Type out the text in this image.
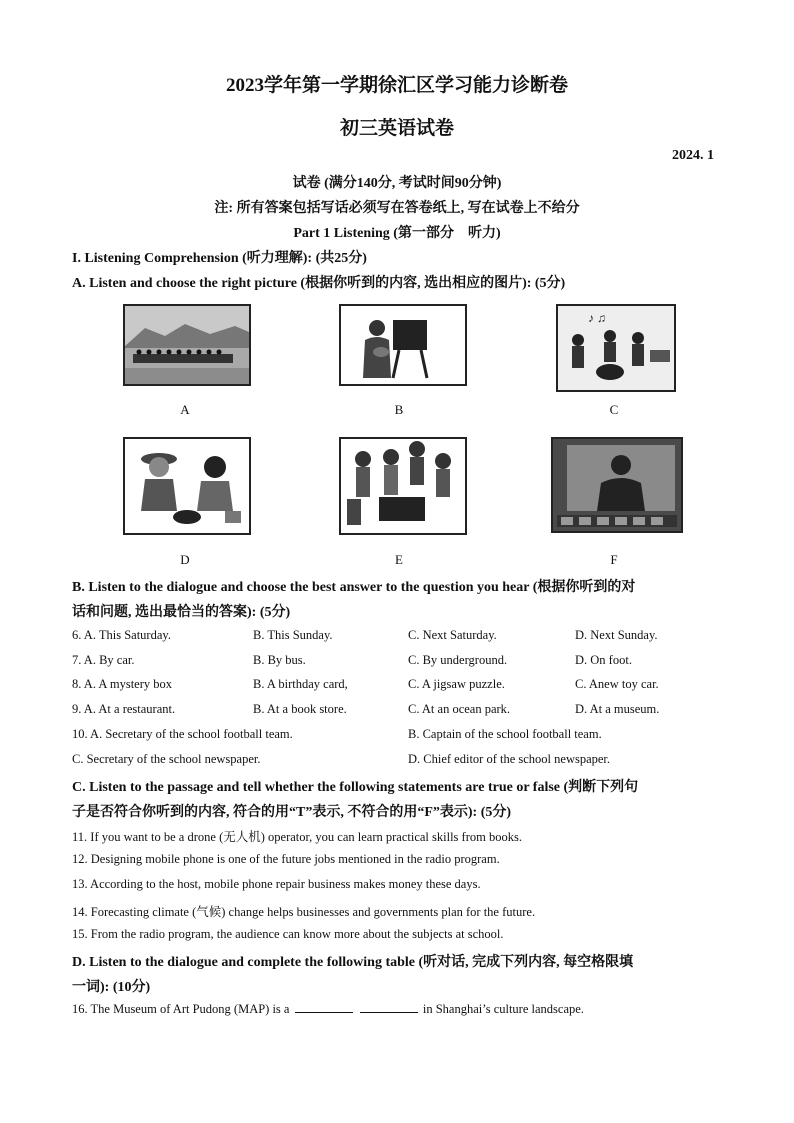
2023学年第一学期徐汇区学习能力诊断卷
初三英语试卷
2024. 1
试卷 (满分140分, 考试时间90分钟)
注: 所有答案包括写话必须写在答卷纸上, 写在试卷上不给分
Part 1 Listening (第一部分　听力)
I. Listening Comprehension (听力理解): (共25分)
A. Listen and choose the right picture (根据你听到的内容, 选出相应的图片): (5分)
♪ ♫
A	B	C
D	E	F
B. Listen to the dialogue and choose the best answer to the question you hear (根据你听到的对
话和问题, 选出最恰当的答案): (5分)
6. A. This Saturday.	B. This Sunday.	C. Next Saturday.	D. Next Sunday.
7. A. By car.	B. By bus.	C. By underground.	D. On foot.
8. A. A mystery box	B. A birthday card,	C. A jigsaw puzzle.	C. Anew toy car.
9. A. At a restaurant.	B. At a book store.	C. At an ocean park.	D. At a museum.
10. A. Secretary of the school football team.	B. Captain of the school football team.
C. Secretary of the school newspaper.	D. Chief editor of the school newspaper.
C. Listen to the passage and tell whether the following statements are true or false (判断下列句
子是否符合你听到的内容, 符合的用“T”表示, 不符合的用“F”表示): (5分)
11. If you want to be a drone (无人机) operator, you can learn practical skills from books.
12. Designing mobile phone is one of the future jobs mentioned in the radio program.
13. According to the host, mobile phone repair business makes money these days.
14. Forecasting climate (气候) change helps businesses and governments plan for the future.
15. From the radio program, the audience can know more about the subjects at school.
D. Listen to the dialogue and complete the following table (听对话, 完成下列内容, 每空格限填
一词): (10分)
16. The Museum of Art Pudong (MAP) is a	in Shanghai’s culture landscape.
